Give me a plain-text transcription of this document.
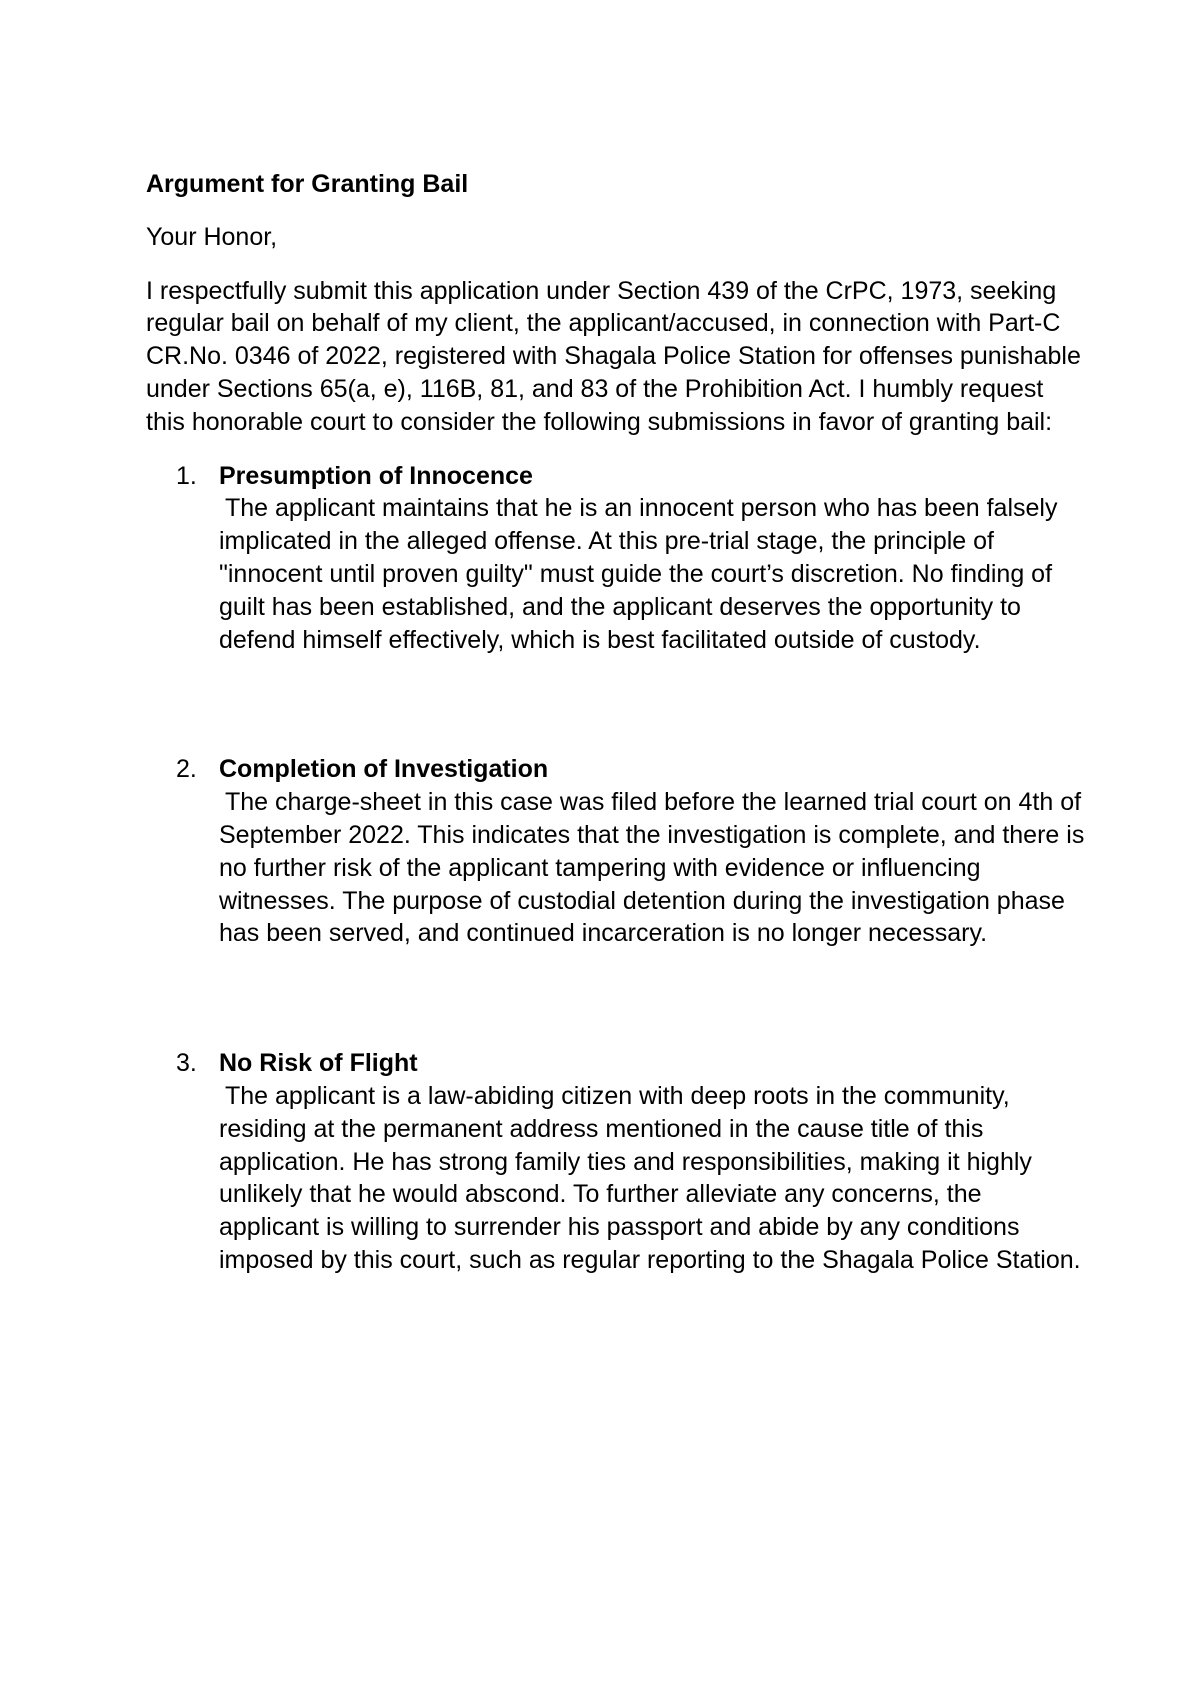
Argument for Granting Bail
Your Honor,
I respectfully submit this application under Section 439 of the CrPC, 1973, seeking regular bail on behalf of my client, the applicant/accused, in connection with Part-C CR.No. 0346 of 2022, registered with Shagala Police Station for offenses punishable under Sections 65(a, e), 116B, 81, and 83 of the Prohibition Act. I humbly request this honorable court to consider the following submissions in favor of granting bail:
1. Presumption of Innocence
The applicant maintains that he is an innocent person who has been falsely implicated in the alleged offense. At this pre-trial stage, the principle of "innocent until proven guilty" must guide the court’s discretion. No finding of guilt has been established, and the applicant deserves the opportunity to defend himself effectively, which is best facilitated outside of custody.
2. Completion of Investigation
The charge-sheet in this case was filed before the learned trial court on 4th of September 2022. This indicates that the investigation is complete, and there is no further risk of the applicant tampering with evidence or influencing witnesses. The purpose of custodial detention during the investigation phase has been served, and continued incarceration is no longer necessary.
3. No Risk of Flight
The applicant is a law-abiding citizen with deep roots in the community, residing at the permanent address mentioned in the cause title of this application. He has strong family ties and responsibilities, making it highly unlikely that he would abscond. To further alleviate any concerns, the applicant is willing to surrender his passport and abide by any conditions imposed by this court, such as regular reporting to the Shagala Police Station.
